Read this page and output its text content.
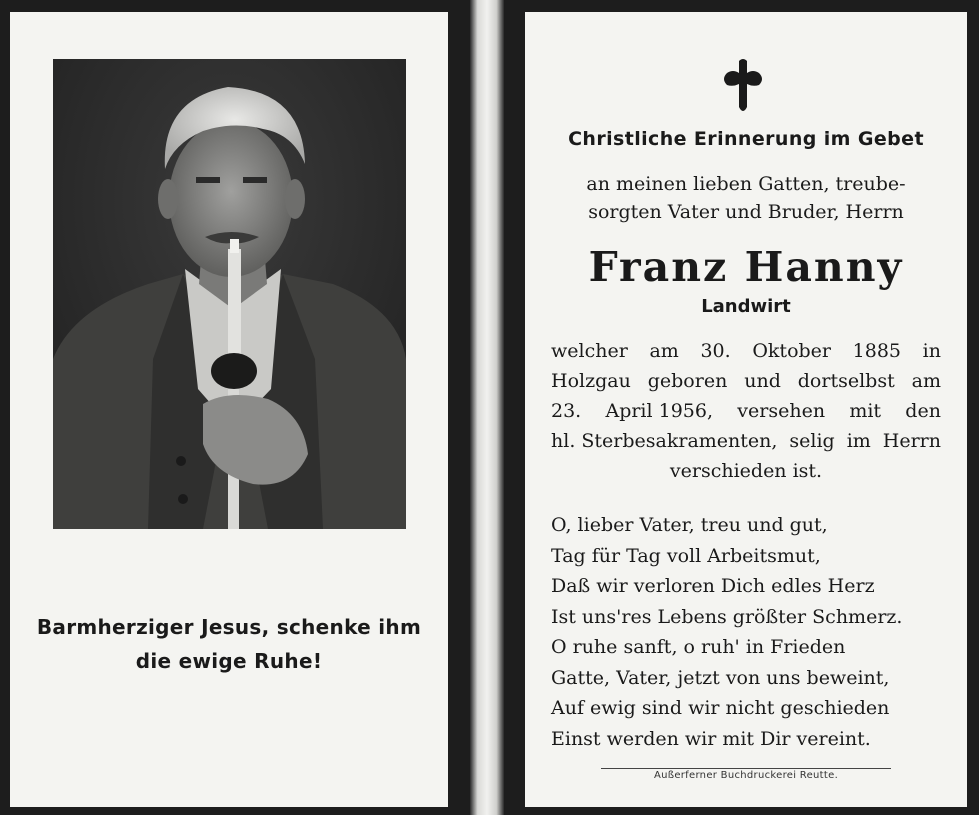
Barmherziger Jesus, schenke ihm
die ewige Ruhe!
Christliche Erinnerung im Gebet
an meinen lieben Gatten, treube-
sorgten Vater und Bruder, Herrn
Franz Hanny
Landwirt
welcher am 30. Oktober 1885 in
Holzgau geboren und dortselbst am
23. April 1956, versehen mit den
hl. Sterbesakramenten, selig im Herrn
verschieden ist.
O, lieber Vater, treu und gut,
Tag für Tag voll Arbeitsmut,
Daß wir verloren Dich edles Herz
Ist uns'res Lebens größter Schmerz.
O ruhe sanft, o ruh' in Frieden
Gatte, Vater, jetzt von uns beweint,
Auf ewig sind wir nicht geschieden
Einst werden wir mit Dir vereint.
Außerferner Buchdruckerei Reutte.
